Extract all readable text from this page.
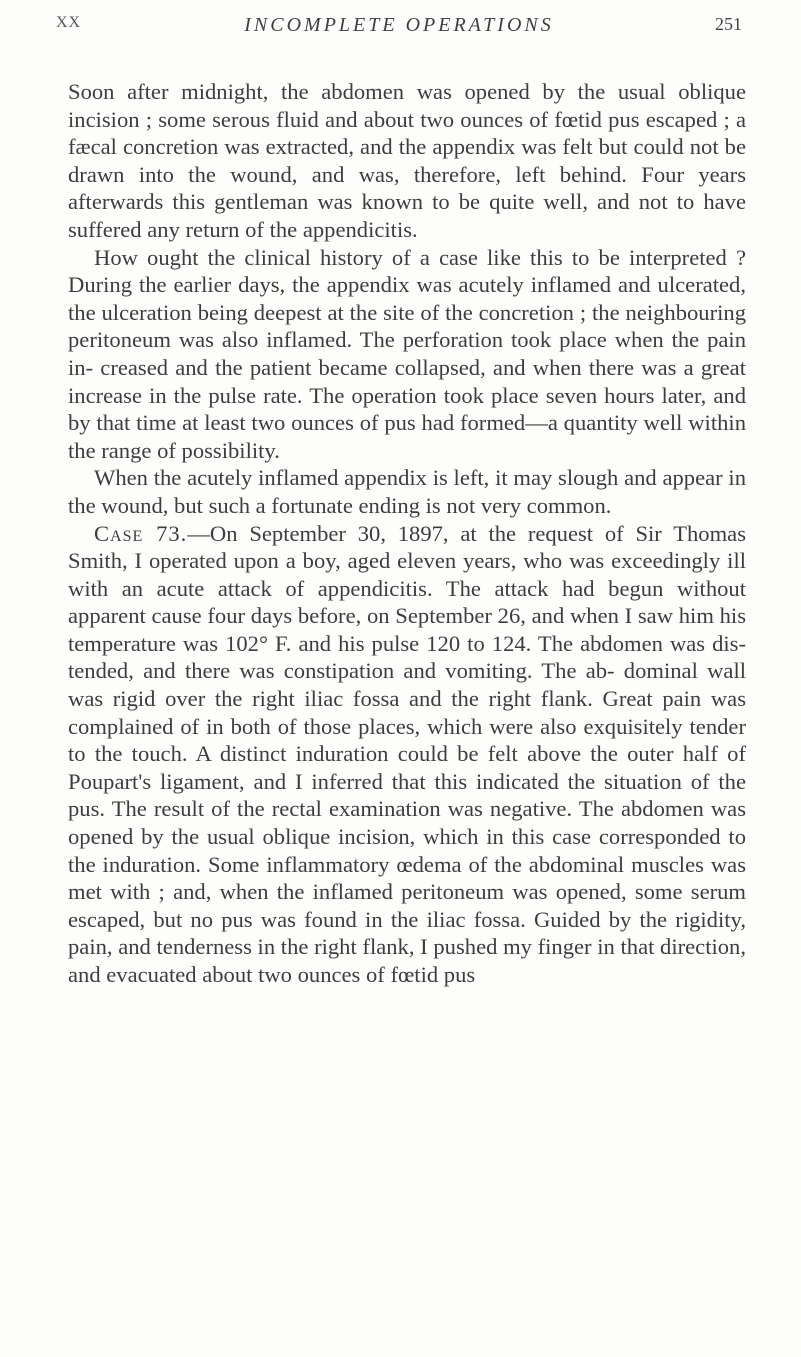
XX	INCOMPLETE OPERATIONS	251

Soon after midnight, the abdomen was opened by the usual oblique incision ; some serous fluid and about two ounces of fœtid pus escaped ; a fæcal concretion was extracted, and the appendix was felt but could not be drawn into the wound, and was, therefore, left behind. Four years afterwards this gentleman was known to be quite well, and not to have suffered any return of the appendicitis.

How ought the clinical history of a case like this to be interpreted ? During the earlier days, the appendix was acutely inflamed and ulcerated, the ulceration being deepest at the site of the concretion ; the neighbouring peritoneum was also inflamed. The perforation took place when the pain in- creased and the patient became collapsed, and when there was a great increase in the pulse rate. The operation took place seven hours later, and by that time at least two ounces of pus had formed—a quantity well within the range of possibility.

When the acutely inflamed appendix is left, it may slough and appear in the wound, but such a fortunate ending is not very common.

Case 73.—On September 30, 1897, at the request of Sir Thomas Smith, I operated upon a boy, aged eleven years, who was exceedingly ill with an acute attack of appendicitis. The attack had begun without apparent cause four days before, on September 26, and when I saw him his temperature was 102° F. and his pulse 120 to 124. The abdomen was dis- tended, and there was constipation and vomiting. The ab- dominal wall was rigid over the right iliac fossa and the right flank. Great pain was complained of in both of those places, which were also exquisitely tender to the touch. A distinct induration could be felt above the outer half of Poupart's ligament, and I inferred that this indicated the situation of the pus. The result of the rectal examination was negative. The abdomen was opened by the usual oblique incision, which in this case corresponded to the induration. Some inflammatory œdema of the abdominal muscles was met with ; and, when the inflamed peritoneum was opened, some serum escaped, but no pus was found in the iliac fossa. Guided by the rigidity, pain, and tenderness in the right flank, I pushed my finger in that direction, and evacuated about two ounces of fœtid pus
